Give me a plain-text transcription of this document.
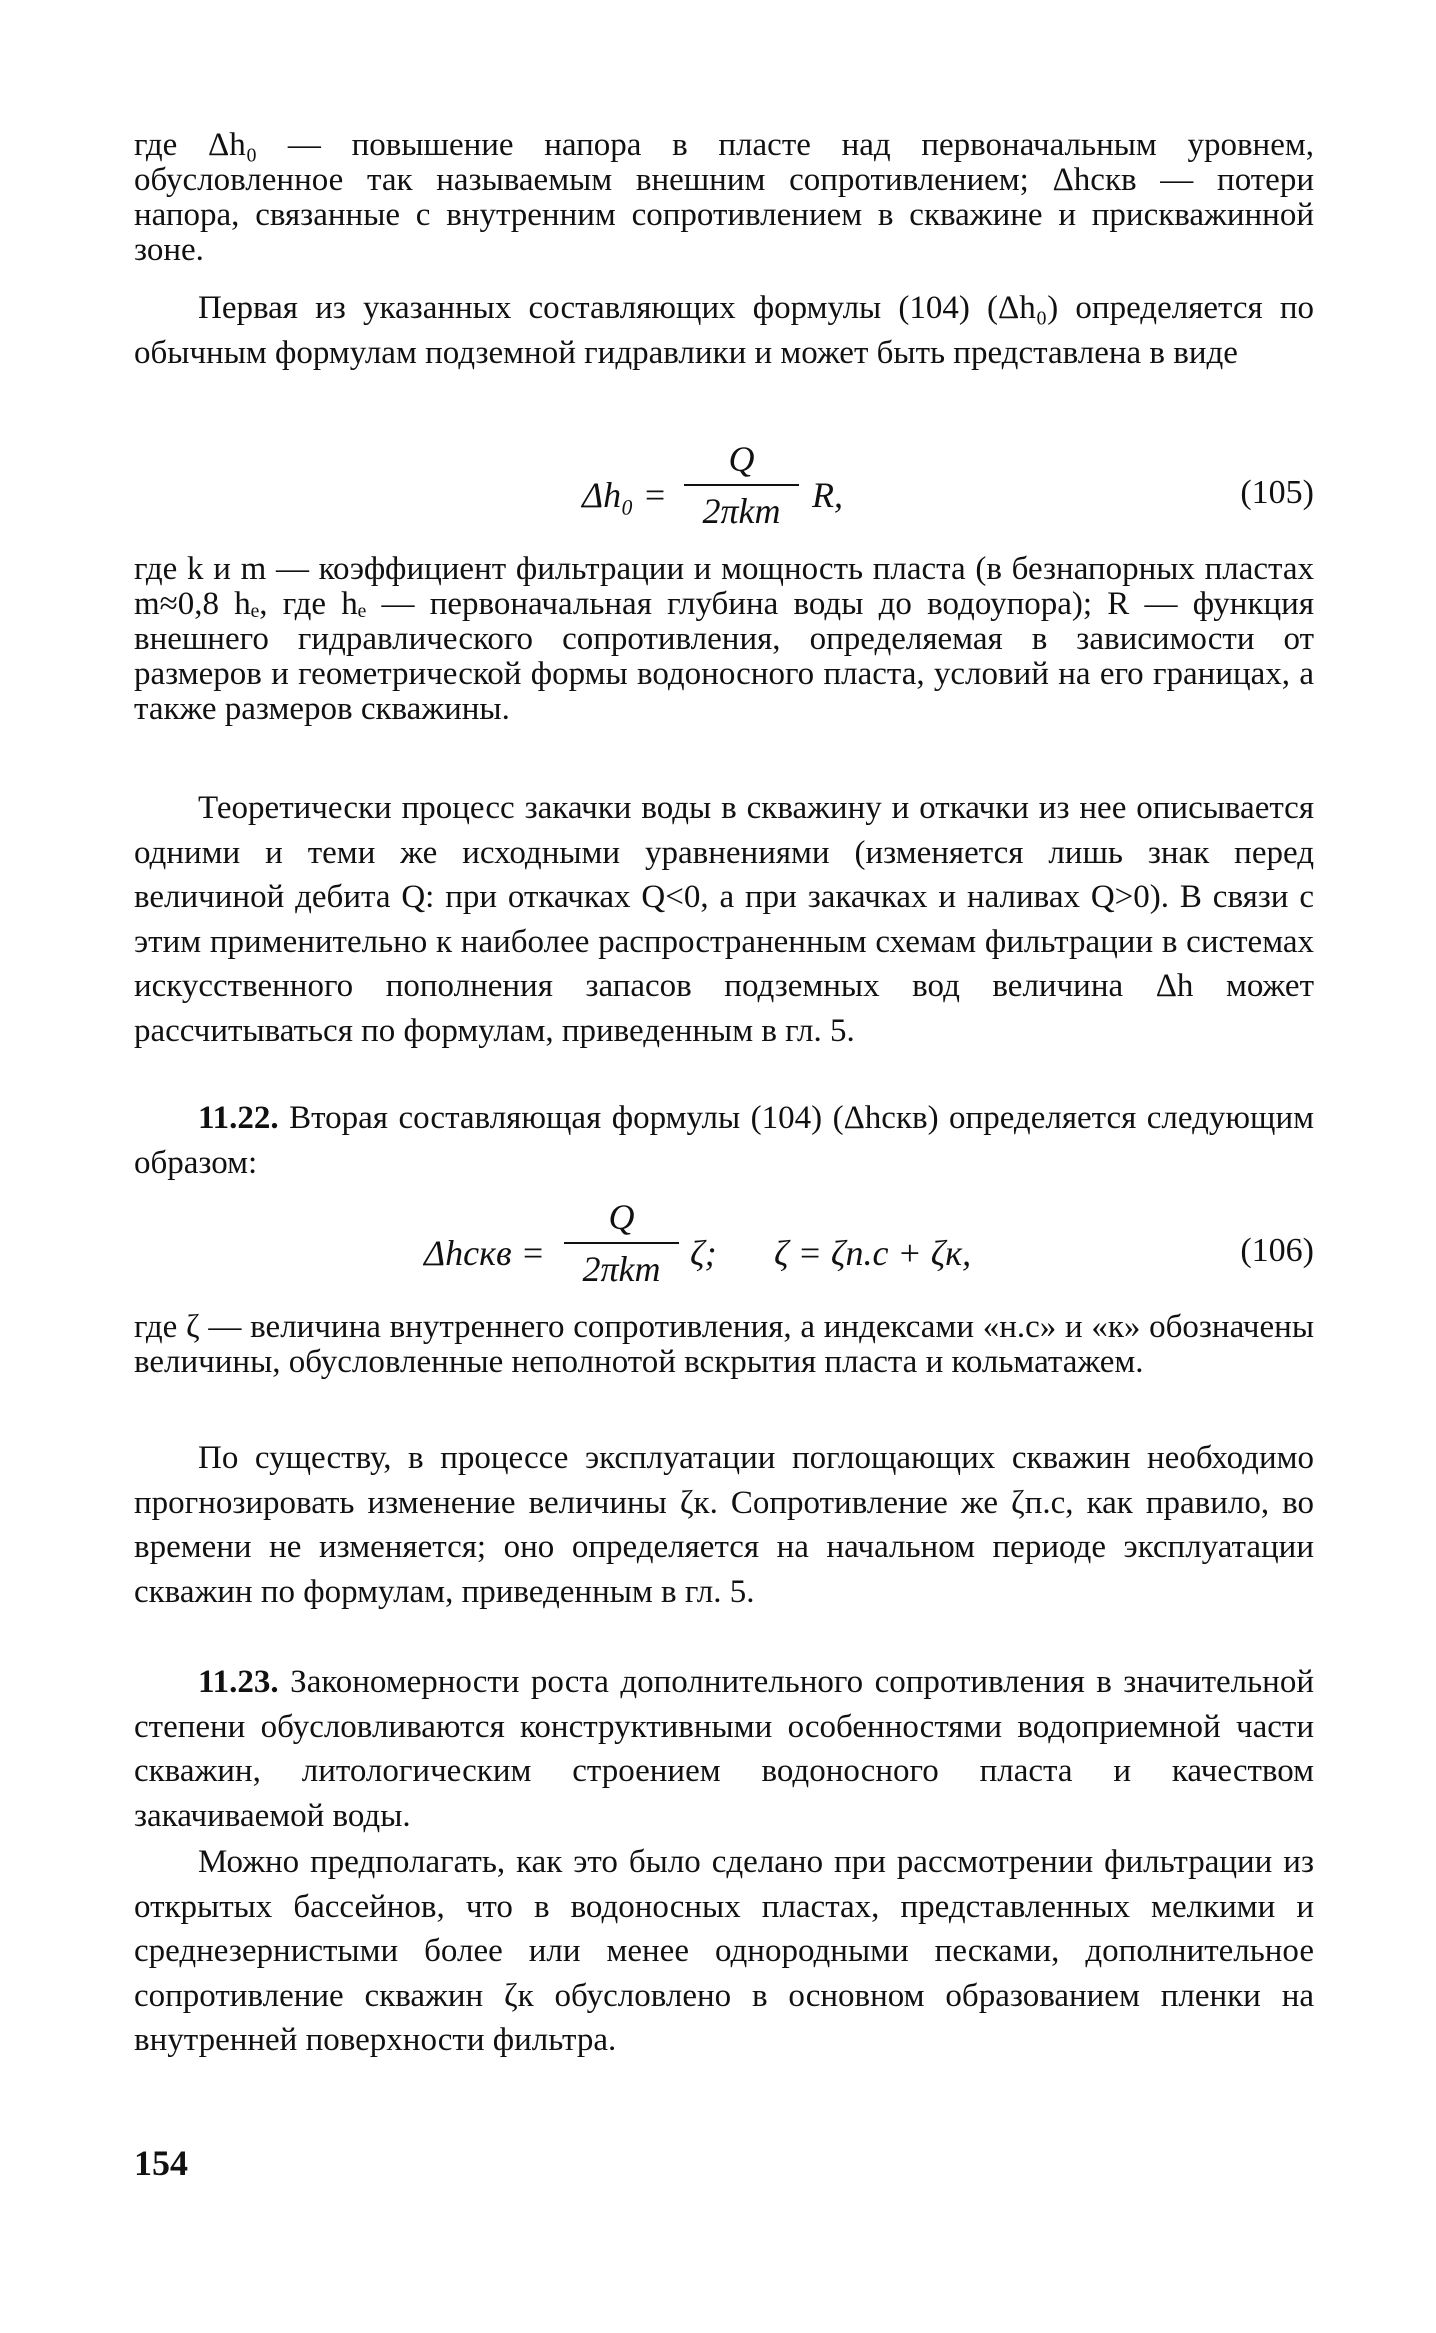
где Δh₀ — повышение напора в пласте над первоначальным уровнем, обусловленное так называемым внешним сопротивлением; Δhскв — потери напора, связанные с внутренним сопротивлением в скважине и прискважинной зоне.

Первая из указанных составляющих формулы (104) (Δh₀) определяется по обычным формулам подземной гидравлики и может быть представлена в виде

Δh₀ =
Q
2πkm R,	(105)

где k и m — коэффициент фильтрации и мощность пласта (в безнапорных пластах m≈0,8 hₑ, где hₑ — первоначальная глубина воды до водоупора); R — функция внешнего гидравлического сопротивления, определяемая в зависимости от размеров и геометрической формы водоносного пласта, условий на его границах, а также размеров скважины.

Теоретически процесс закачки воды в скважину и откачки из нее описывается одними и теми же исходными уравнениями (изменяется лишь знак перед величиной дебита Q: при откачках Q<0, а при закачках и наливах Q>0). В связи с этим применительно к наиболее распространенным схемам фильтрации в системах искусственного пополнения запасов подземных вод величина Δh может рассчитываться по формулам, приведенным в гл. 5.

11.22. Вторая составляющая формулы (104) (Δhскв) определяется следующим образом:

Δhскв =
Q
2πkm ζ; ζ = ζп.с + ζк,	(106)

где ζ — величина внутреннего сопротивления, а индексами «н.с» и «к» обозначены величины, обусловленные неполнотой вскрытия пласта и кольматажем.

По существу, в процессе эксплуатации поглощающих скважин необходимо прогнозировать изменение величины ζк. Сопротивление же ζп.с, как правило, во времени не изменяется; оно определяется на начальном периоде эксплуатации скважин по формулам, приведенным в гл. 5.

11.23. Закономерности роста дополнительного сопротивления в значительной степени обусловливаются конструктивными особенностями водоприемной части скважин, литологическим строением водоносного пласта и качеством закачиваемой воды.

Можно предполагать, как это было сделано при рассмотрении фильтрации из открытых бассейнов, что в водоносных пластах, представленных мелкими и среднезернистыми более или менее однородными песками, дополнительное сопротивление скважин ζк обусловлено в основном образованием пленки на внутренней поверхности фильтра.

154
